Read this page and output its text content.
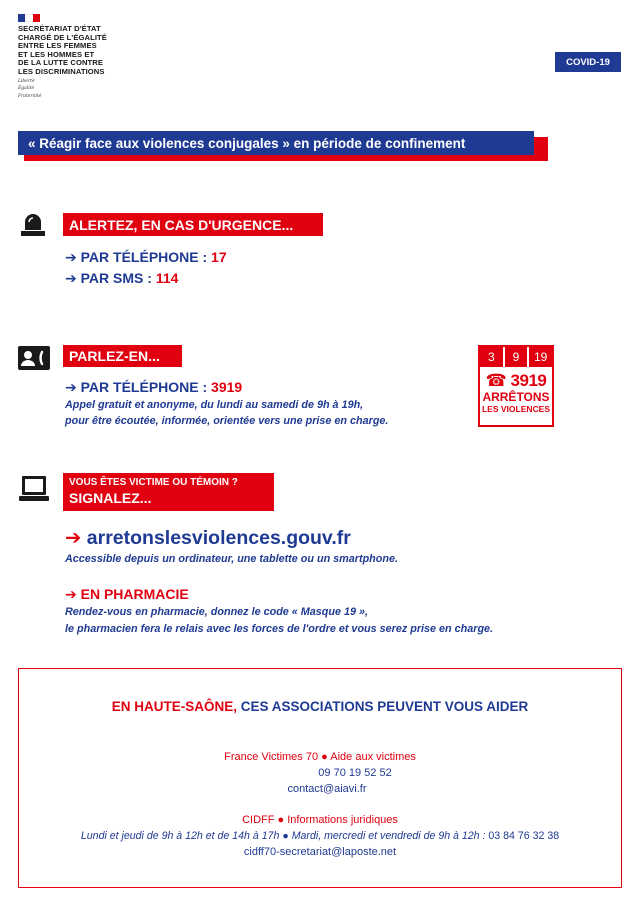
SECRÉTARIAT D'ÉTAT
CHARGÉ DE L'ÉGALITÉ
ENTRE LES FEMMES
ET LES HOMMES ET
DE LA LUTTE CONTRE
LES DISCRIMINATIONS
Liberté
Égalité
Fraternité
COVID-19
« Réagir face aux violences conjugales » en période de confinement
ALERTEZ, EN CAS D'URGENCE...
➔ PAR TÉLÉPHONE : 17
➔ PAR SMS : 114
PARLEZ-EN...
➔ PAR TÉLÉPHONE : 3919
Appel gratuit et anonyme, du lundi au samedi de 9h à 19h,
pour être écoutée, informée, orientée vers une prise en charge.
3	9	19
☎ 3919
ARRÊTONS
LES VIOLENCES
VOUS ÊTES VICTIME OU TÉMOIN ?
SIGNALEZ...
➔ arretonslesviolences.gouv.fr
Accessible depuis un ordinateur, une tablette ou un smartphone.
➔ EN PHARMACIE
Rendez-vous en pharmacie, donnez le code « Masque 19 »,
le pharmacien fera le relais avec les forces de l'ordre et vous serez prise en charge.
EN HAUTE-SAÔNE, CES ASSOCIATIONS PEUVENT VOUS AIDER
France Victimes 70 ● Aide aux victimes
09 70 19 52 52
contact@aiavi.fr
CIDFF ● Informations juridiques
Lundi et jeudi de 9h à 12h et de 14h à 17h ● Mardi, mercredi et vendredi de 9h à 12h : 03 84 76 32 38
cidff70-secretariat@laposte.net
